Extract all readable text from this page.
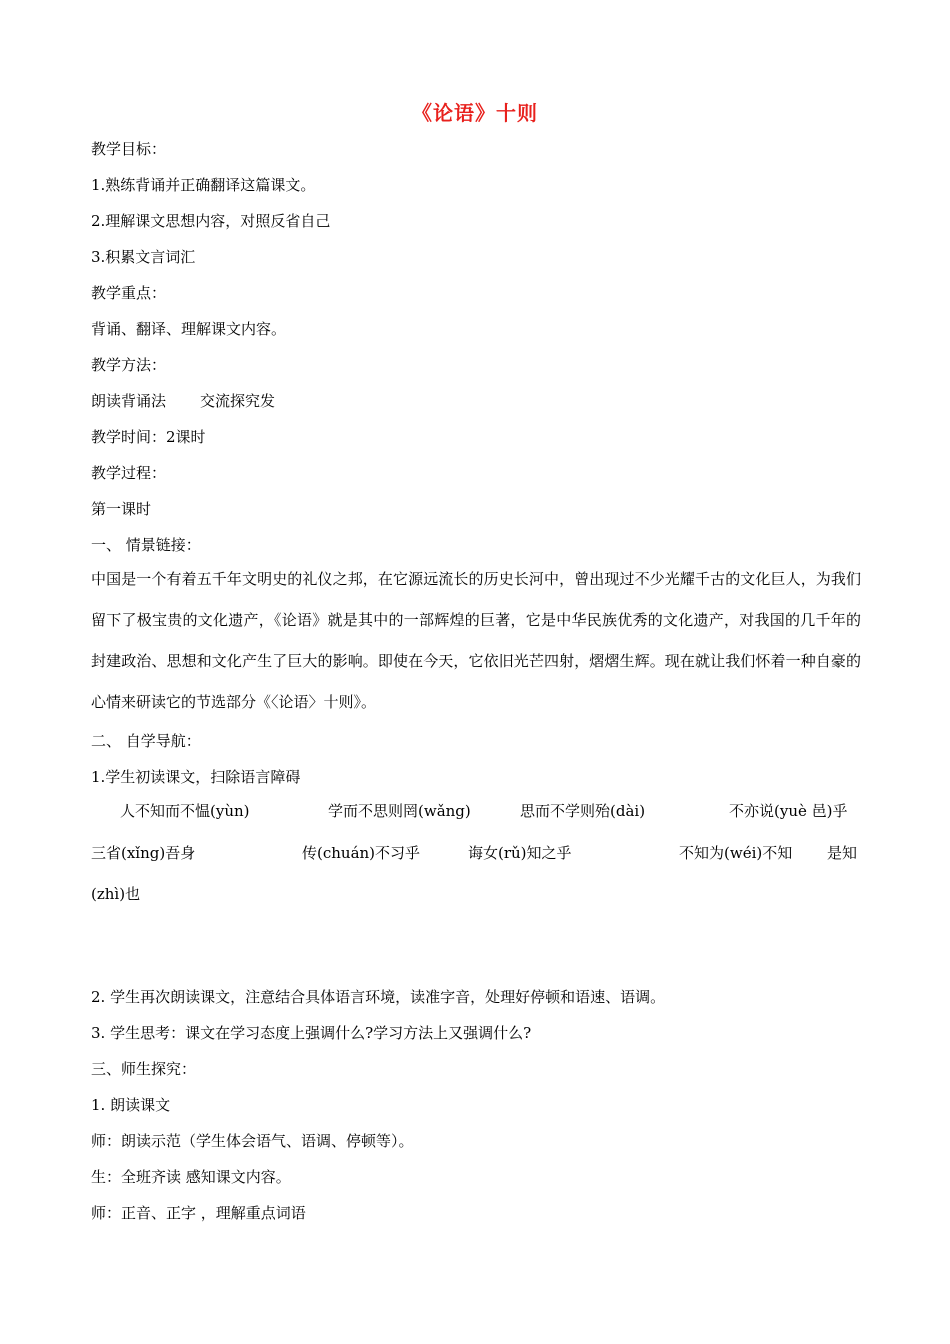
《论语》十则
教学目标：
1.熟练背诵并正确翻译这篇课文。
2.理解课文思想内容，对照反省自己
3.积累文言词汇
教学重点：
背诵、翻译、理解课文内容。
教学方法：
朗读背诵法 交流探究发
教学时间：2课时
教学过程：
第一课时
一、 情景链接：
中国是一个有着五千年文明史的礼仪之邦，在它源远流长的历史长河中，曾出现过不少光耀千古的文化巨人，为我们留下了极宝贵的文化遗产，《论语》就是其中的一部辉煌的巨著，它是中华民族优秀的文化遗产，对我国的几千年的封建政治、思想和文化产生了巨大的影响。即使在今天，它依旧光芒四射，熠熠生辉。现在就让我们怀着一种自豪的心情来研读它的节选部分《〈论语〉十则》。
二、 自学导航：
1.学生初读课文，扫除语言障碍
人不知而不愠(yùn)	学而不思则罔(wǎng)	思而不学则殆(dài)	不亦说(yuè 邑)乎
三省(xǐng)吾身	传(chuán)不习乎	诲女(rǔ)知之乎	不知为(wéi)不知 是知
(zhì)也
2. 学生再次朗读课文，注意结合具体语言环境，读准字音，处理好停顿和语速、语调。
3. 学生思考：课文在学习态度上强调什么?学习方法上又强调什么?
三、师生探究：
1. 朗读课文
师：朗读示范（学生体会语气、语调、停顿等）。
生：全班齐读 感知课文内容。
师：正音、正字 ，理解重点词语
